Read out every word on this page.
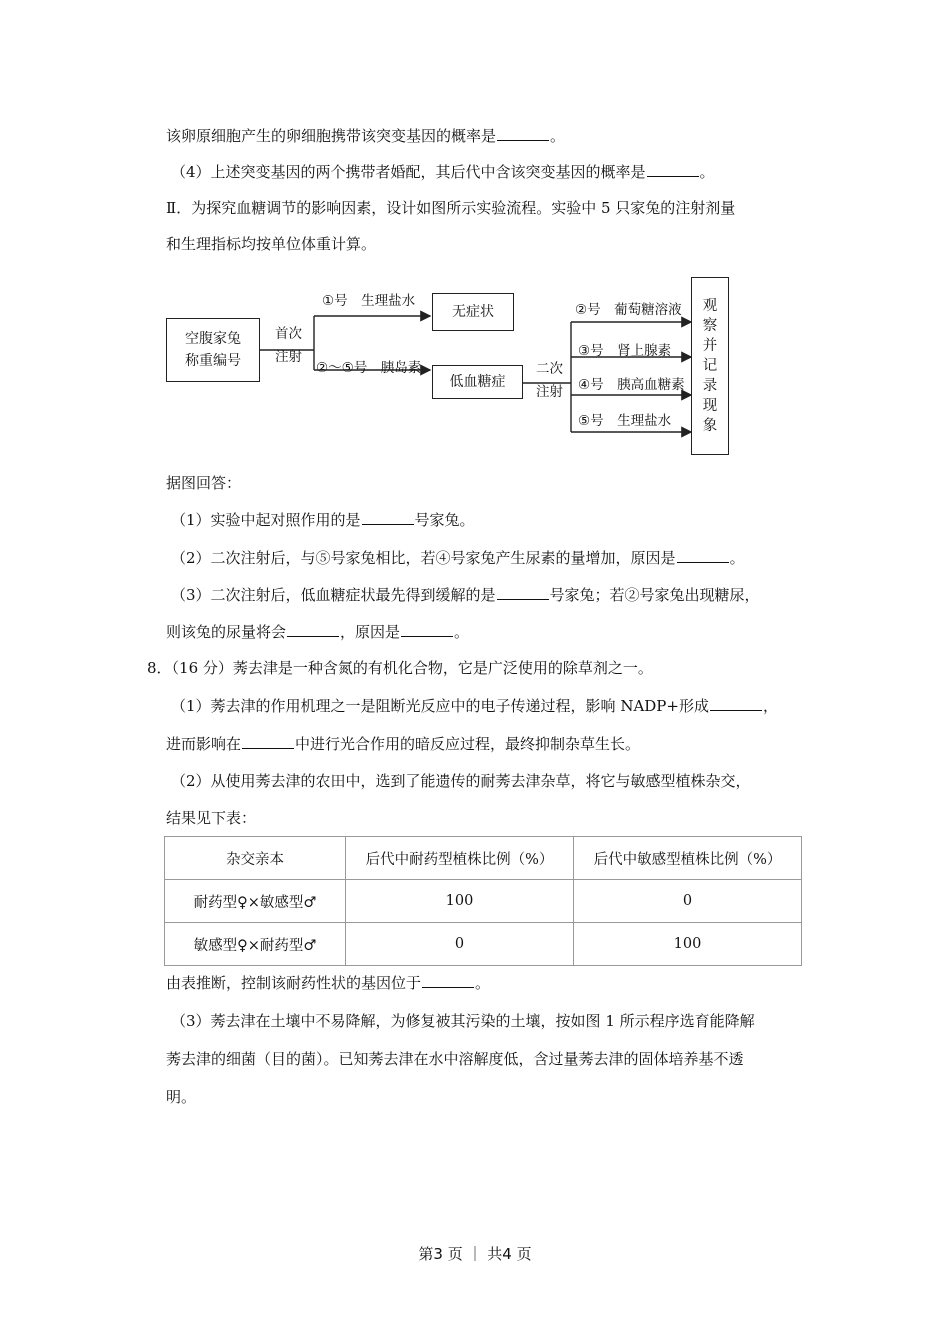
该卵原细胞产生的卵细胞携带该突变基因的概率是	。
（4）上述突变基因的两个携带者婚配，其后代中含该突变基因的概率是	。
Ⅱ．为探究血糖调节的影响因素，设计如图所示实验流程。实验中 5 只家兔的注射剂量
和生理指标均按单位体重计算。
空腹家兔
称重编号
首次
注射
①号　生理盐水
无症状
②～⑤号　胰岛素
低血糖症
二次
注射
②号　葡萄糖溶液
③号　肾上腺素
④号　胰高血糖素
⑤号　生理盐水
观
察
并
记
录
现
象
据图回答：
（1）实验中起对照作用的是	号家兔。
（2）二次注射后，与⑤号家兔相比，若④号家兔产生尿素的量增加，原因是	。
（3）二次注射后，低血糖症状最先得到缓解的是	号家兔；若②号家兔出现糖尿，
则该兔的尿量将会	，原因是	。
8．（16 分）莠去津是一种含氮的有机化合物，它是广泛使用的除草剂之一。
（1）莠去津的作用机理之一是阻断光反应中的电子传递过程，影响 NADP+形成	，
进而影响在	中进行光合作用的暗反应过程，最终抑制杂草生长。
（2）从使用莠去津的农田中，选到了能遗传的耐莠去津杂草，将它与敏感型植株杂交，
结果见下表：
杂交亲本	后代中耐药型植株比例（%）	后代中敏感型植株比例（%）
耐药型♀×敏感型♂	100	0
敏感型♀×耐药型♂	0	100
由表推断，控制该耐药性状的基因位于	。
（3）莠去津在土壤中不易降解，为修复被其污染的土壤，按如图 1 所示程序选育能降解
莠去津的细菌（目的菌）。已知莠去津在水中溶解度低，含过量莠去津的固体培养基不透
明。
第3 页 ｜ 共4 页
